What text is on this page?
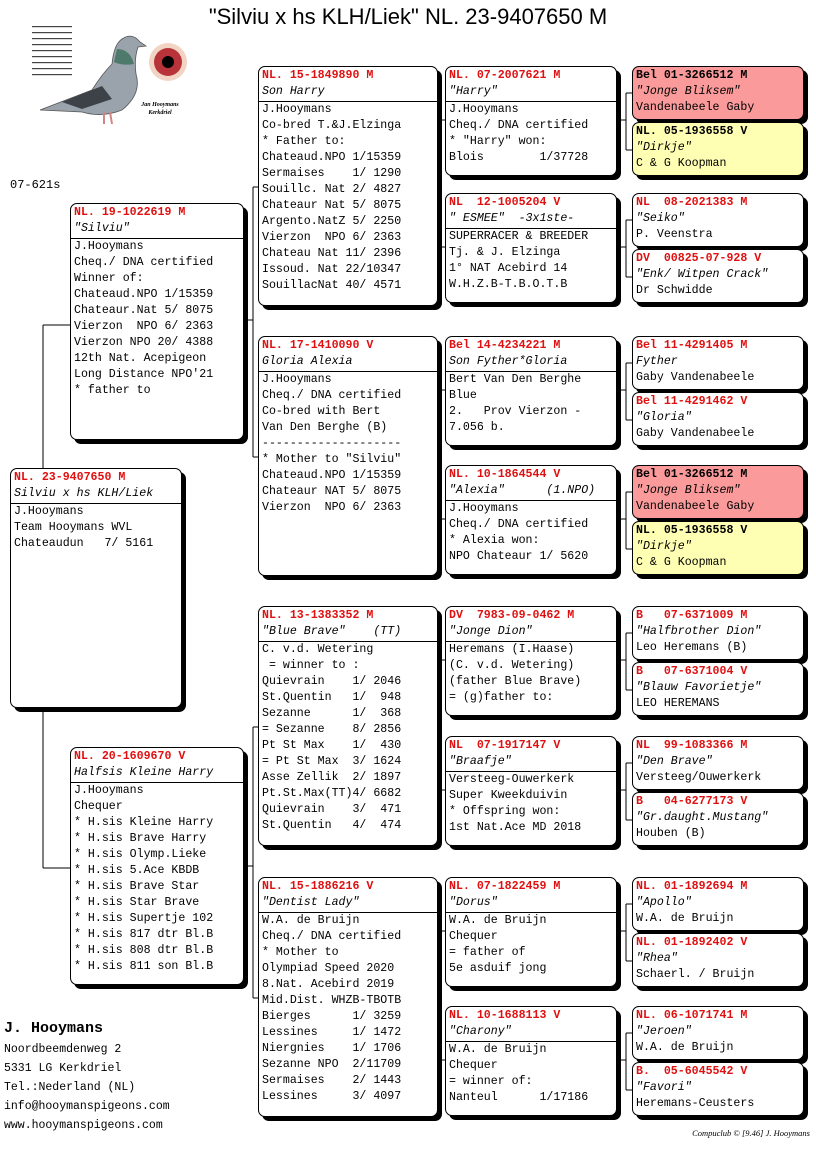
"Silviu x hs KLH/Liek" NL. 23-9407650 M
Jan Hooymans
Kerkdriel
07-621s
NL. 23-9407650 M
Silviu x hs KLH/Liek
J.Hooymans
Team Hooymans WVL
Chateaudun   7/ 5161
NL. 19-1022619 M
"Silviu"
J.Hooymans
Cheq./ DNA certified
Winner of:
Chateaud.NPO 1/15359
Chateaur.Nat 5/ 8075
Vierzon  NPO 6/ 2363
Vierzon NPO 20/ 4388
12th Nat. Acepigeon
Long Distance NPO'21
* father to
NL. 20-1609670 V
Halfsis Kleine Harry
J.Hooymans
Chequer
* H.sis Kleine Harry
* H.sis Brave Harry
* H.sis Olymp.Lieke
* H.sis 5.Ace KBDB
* H.sis Brave Star
* H.sis Star Brave
* H.sis Supertje 102
* H.sis 817 dtr Bl.B
* H.sis 808 dtr Bl.B
* H.sis 811 son Bl.B
NL. 15-1849890 M
Son Harry
J.Hooymans
Co-bred T.&J.Elzinga
* Father to:
Chateaud.NPO 1/15359
Sermaises    1/ 1290
Souillc. Nat 2/ 4827
Chateaur Nat 5/ 8075
Argento.NatZ 5/ 2250
Vierzon  NPO 6/ 2363
Chateau Nat 11/ 2396
Issoud. Nat 22/10347
SouillacNat 40/ 4571
NL. 17-1410090 V
Gloria Alexia
J.Hooymans
Cheq./ DNA certified
Co-bred with Bert
Van Den Berghe (B)
--------------------
* Mother to "Silviu"
Chateaud.NPO 1/15359
Chateaur NAT 5/ 8075
Vierzon  NPO 6/ 2363
NL. 13-1383352 M
"Blue Brave"    (TT)
C. v.d. Wetering
= winner to :
Quievrain    1/ 2046
St.Quentin   1/  948
Sezanne      1/  368
= Sezanne    8/ 2856
Pt St Max    1/  430
= Pt St Max  3/ 1624
Asse Zellik  2/ 1897
Pt.St.Max(TT)4/ 6682
Quievrain    3/  471
St.Quentin   4/  474
NL. 15-1886216 V
"Dentist Lady"
W.A. de Bruijn
Cheq./ DNA certified
* Mother to
Olympiad Speed 2020
8.Nat. Acebird 2019
Mid.Dist. WHZB-TBOTB
Bierges      1/ 3259
Lessines     1/ 1472
Niergnies    1/ 1706
Sezanne NPO  2/11709
Sermaises    2/ 1443
Lessines     3/ 4097
NL. 07-2007621 M
"Harry"
J.Hooymans
Cheq./ DNA certified
* "Harry" won:
Blois        1/37728
NL  12-1005204 V
" ESMEE"  -3x1ste-
SUPERRACER & BREEDER
Tj. & J. Elzinga
1° NAT Acebird 14
W.H.Z.B-T.B.O.T.B
Bel 14-4234221 M
Son Fyther*Gloria
Bert Van Den Berghe
Blue
2.   Prov Vierzon -
7.056 b.
NL. 10-1864544 V
"Alexia"      (1.NPO)
J.Hooymans
Cheq./ DNA certified
* Alexia won:
NPO Chateaur 1/ 5620
DV  7983-09-0462 M
"Jonge Dion"
Heremans (I.Haase)
(C. v.d. Wetering)
(father Blue Brave)
= (g)father to:
NL  07-1917147 V
"Braafje"
Versteeg-Ouwerkerk
Super Kweekduivin
* Offspring won:
1st Nat.Ace MD 2018
NL. 07-1822459 M
"Dorus"
W.A. de Bruijn
Chequer
= father of
5e asduif jong
NL. 10-1688113 V
"Charony"
W.A. de Bruijn
Chequer
= winner of:
Nanteul      1/17186
Bel 01-3266512 M
"Jonge Bliksem"
Vandenabeele Gaby
NL. 05-1936558 V
"Dirkje"
C & G Koopman
NL  08-2021383 M
"Seiko"
P. Veenstra
DV  00825-07-928 V
"Enk/ Witpen Crack"
Dr Schwidde
Bel 11-4291405 M
Fyther
Gaby Vandenabeele
Bel 11-4291462 V
"Gloria"
Gaby Vandenabeele
Bel 01-3266512 M
"Jonge Bliksem"
Vandenabeele Gaby
NL. 05-1936558 V
"Dirkje"
C & G Koopman
B   07-6371009 M
"Halfbrother Dion"
Leo Heremans (B)
B   07-6371004 V
"Blauw Favorietje"
LEO HEREMANS
NL  99-1083366 M
"Den Brave"
Versteeg/Ouwerkerk
B   04-6277173 V
"Gr.daught.Mustang"
Houben (B)
NL. 01-1892694 M
"Apollo"
W.A. de Bruijn
NL. 01-1892402 V
"Rhea"
Schaerl. / Bruijn
NL. 06-1071741 M
"Jeroen"
W.A. de Bruijn
B.  05-6045542 V
"Favori"
Heremans-Ceusters
J. Hooymans
Noordbeemdenweg 2
5331 LG Kerkdriel
Tel.:Nederland (NL)
info@hooymanspigeons.com
www.hooymanspigeons.com
Compuclub © [9.46] J. Hooymans
